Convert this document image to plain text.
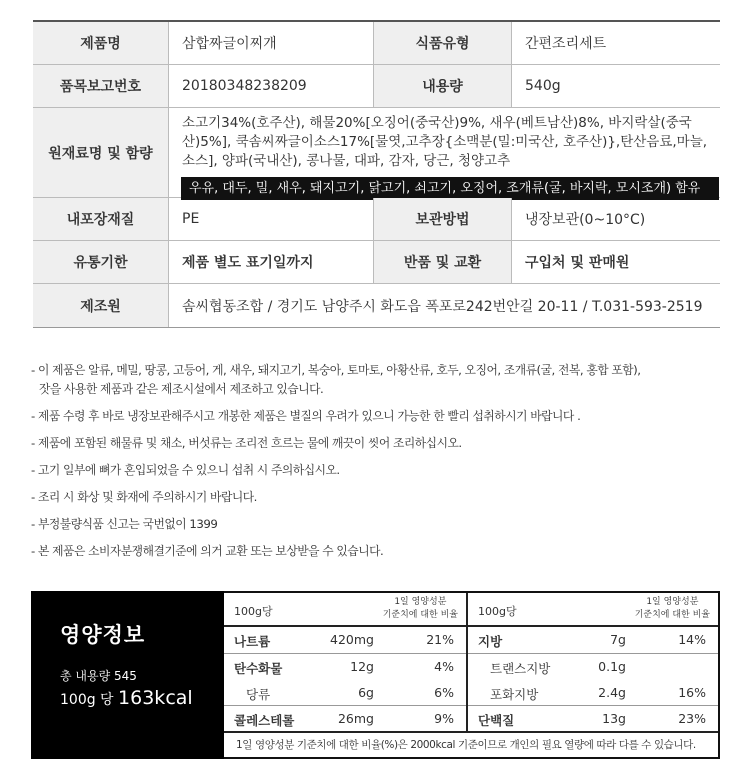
제품명	삼합짜글이찌개	식품유형	간편조리세트
품목보고번호	20180348238209	내용량	540g
원재료명 및 함량
소고기34%(호주산), 해물20%[오징어(중국산)9%, 새우(베트남산)8%, 바지락살(중국산)5%], 쿡솜씨짜글이소스17%[물엿,고추장{소맥분(밀:미국산, 호주산)},탄산음료,마늘,소스], 양파(국내산), 콩나물, 대파, 감자, 당근, 청양고추
우유, 대두, 밀, 새우, 돼지고기, 닭고기, 쇠고기, 오징어, 조개류(굴, 바지락, 모시조개) 함유
내포장재질	PE	보관방법	냉장보관(0~10°C)
유통기한	제품 별도 표기일까지	반품 및 교환	구입처 및 판매원
제조원	솜씨협동조합 / 경기도 남양주시 화도읍 폭포로242번안길 20-11 / T.031-593-2519
- 이 제품은 알류, 메밀, 땅콩, 고등어, 게, 새우, 돼지고기, 복숭아, 토마토, 아황산류, 호두, 오징어, 조개류(굴, 전복, 홍합 포함),
잣을 사용한 제품과 같은 제조시설에서 제조하고 있습니다.
- 제품 수령 후 바로 냉장보관해주시고 개봉한 제품은 별질의 우려가 있으니 가능한 한 빨리 섭취하시기 바랍니다 .
- 제품에 포함된 해물류 및 채소, 버섯류는 조리전 흐르는 물에 깨끗이 씻어 조리하십시오.
- 고기 일부에 뼈가 혼입되었을 수 있으니 섭취 시 주의하십시오.
- 조리 시 화상 및 화재에 주의하시기 바랍니다.
- 부정불량식품 신고는 국번없이 1399
- 본 제품은 소비자분쟁해결기준에 의거 교환 또는 보상받을 수 있습니다.
영양정보
총 내용량 545
100g 당 163kcal
100g당
1일 영양성분
기준치에 대한 비율
나트륨	420mg	21%
탄수화물	12g	4%
당류	6g	6%
콜레스테롤	26mg	9%
100g당
1일 영양성분
기준치에 대한 비율
지방	7g	14%
트랜스지방	0.1g
포화지방	2.4g	16%
단백질	13g	23%
1일 영양성분 기준치에 대한 비율(%)은 2000kcal 기준이므로 개인의 필요 열량에 따라 다를 수 있습니다.
